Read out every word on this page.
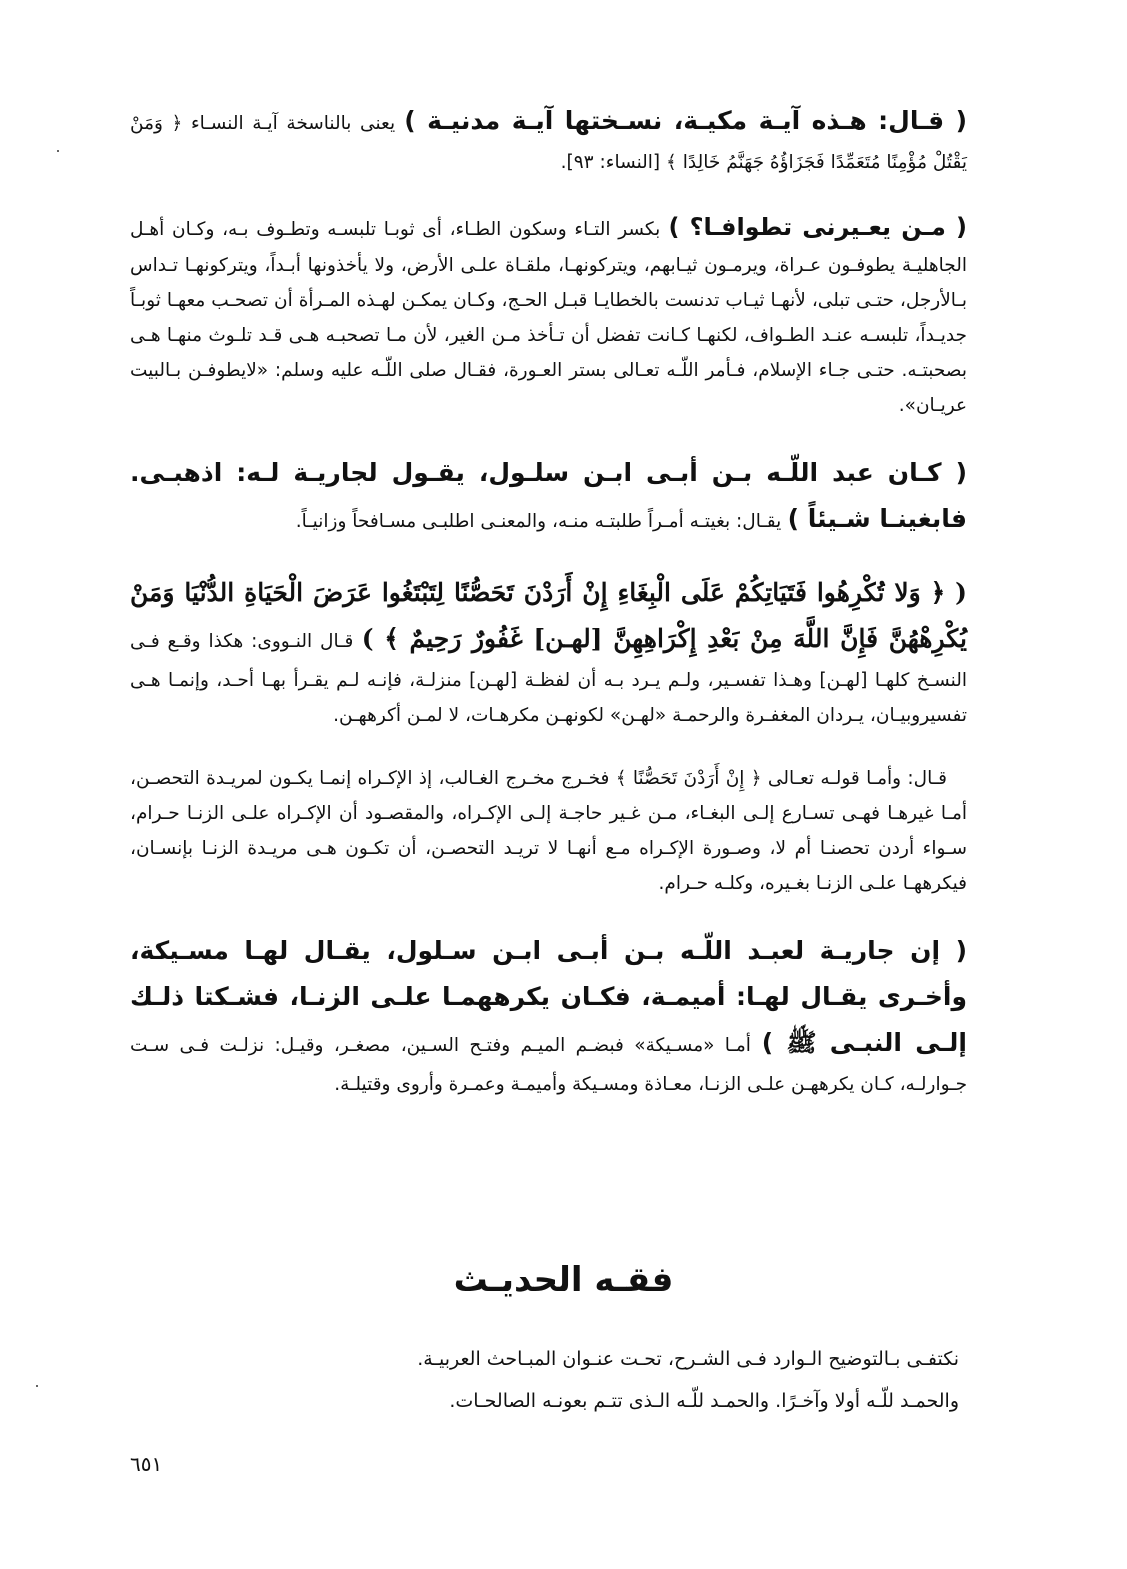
( قـال: هـذه آيـة مكيـة، نسـختها آيـة مدنيـة ) يعنى بالناسخة آيـة النسـاء ﴿ وَمَنْ يَقْتُلْ مُؤْمِنًا مُتَعَمِّدًا فَجَزَاؤُهُ جَهَنَّمُ خَالِدًا ﴾ [النساء: ٩٣].

( مـن يعـيرنى تطوافـا؟ ) بكسر التـاء وسكون الطـاء، أى ثوبـا تلبسـه وتطـوف بـه، وكـان أهـل الجاهليـة يطوفـون عـراة، ويرمـون ثيـابهم، ويتركونهـا، ملقـاة علـى الأرض، ولا يأخذونها أبـداً، ويتركونهـا تـداس بـالأرجل، حتـى تبلى، لأنهـا ثيـاب تدنست بالخطايـا قبـل الحـج، وكـان يمكـن لهـذه المـرأة أن تصحـب معهـا ثوبـاً جديـداً، تلبسـه عنـد الطـواف، لكنهـا كـانت تفضل أن تـأخذ مـن الغير، لأن مـا تصحبـه هـى قـد تلـوث منهـا هـى بصحبتـه. حتـى جـاء الإسلام، فـأمر اللّـه تعـالى بستر العـورة، فقـال صلى اللّـه عليه وسلم: «لايطوفـن بـالبيت عريـان».

( كـان عبد اللّـه بـن أبـى ابـن سلـول، يقـول لجاريـة لـه: اذهبـى. فابغينـا شـيئاً ) يقـال: بغيتـه أمـراً طلبتـه منـه، والمعنـى اطلبـى مسـافحاً وزانيـاً.

( ﴿ وَلا تُكْرِهُوا فَتَيَاتِكُمْ عَلَى الْبِغَاءِ إِنْ أَرَدْنَ تَحَصُّنًا لِتَبْتَغُوا عَرَضَ الْحَيَاةِ الدُّنْيَا وَمَنْ يُكْرِهْهُنَّ فَإِنَّ اللَّهَ مِنْ بَعْدِ إِكْرَاهِهِنَّ [لهـن] غَفُورٌ رَحِيمٌ ﴾ ) قـال النـووى: هكذا وقـع فـى النسـخ كلهـا [لهـن] وهـذا تفسـير، ولـم يـرد بـه أن لفظـة [لهـن] منزلـة، فإنـه لـم يقـرأ بهـا أحـد، وإنمـا هـى تفسيروبيـان، يـردان المغفـرة والرحمـة «لهـن» لكونهـن مكرهـات، لا لمـن أكرههـن.

قـال: وأمـا قولـه تعـالى ﴿ إِنْ أَرَدْنَ تَحَصُّنًا ﴾ فخـرج مخـرج الغـالب، إذ الإكـراه إنمـا يكـون لمريـدة التحصـن، أمـا غيرهـا فهـى تسـارع إلـى البغـاء، مـن غـير حاجـة إلـى الإكـراه، والمقصـود أن الإكـراه علـى الزنـا حـرام، سـواء أردن تحصنـا أم لا، وصـورة الإكـراه مـع أنهـا لا تريـد التحصـن، أن تكـون هـى مريـدة الزنـا بإنسـان، فيكرههـا علـى الزنـا بغـيره، وكلـه حـرام.

( إن جاريـة لعبـد اللّـه بـن أبـى ابـن سـلول، يقـال لهـا مسـيكة، وأخـرى يقـال لهـا: أميمـة، فكـان يكرههمـا علـى الزنـا، فشـكتا ذلـك إلـى النبـى ﷺ ) أمـا «مسـيكة» فبضـم الميـم وفتـح السـين، مصغـر، وقيـل: نزلـت فـى سـت جـوارلـه، كـان يكرههـن علـى الزنـا، معـاذة ومسـيكة وأميمـة وعمـرة وأروى وقتيلـة.

فقـه الحديـث

نكتفـى بـالتوضيح الـوارد فـى الشـرح، تحـت عنـوان المبـاحث العربيـة.

والحمـد للّـه أولا وآخـرًا. والحمـد للّـه الـذى تتـم بعونـه الصالحـات.

٦٥١
